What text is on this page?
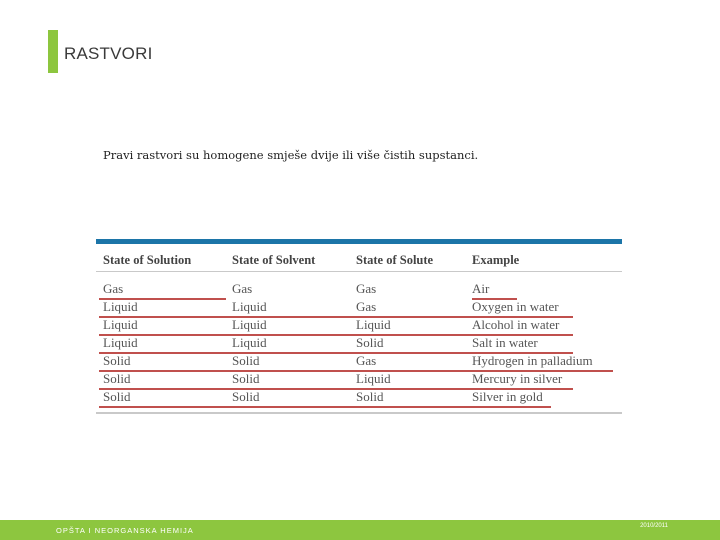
RASTVORI
Pravi rastvori su homogene smješe dvije ili više čistih supstanci.
State of Solution	State of Solvent	State of Solute	Example
Gas	Gas	Gas	Air
Liquid	Liquid	Gas	Oxygen in water
Liquid	Liquid	Liquid	Alcohol in water
Liquid	Liquid	Solid	Salt in water
Solid	Solid	Gas	Hydrogen in palladium
Solid	Solid	Liquid	Mercury in silver
Solid	Solid	Solid	Silver in gold
OPŠTA I NEORGANSKA HEMIJA	2010/2011
